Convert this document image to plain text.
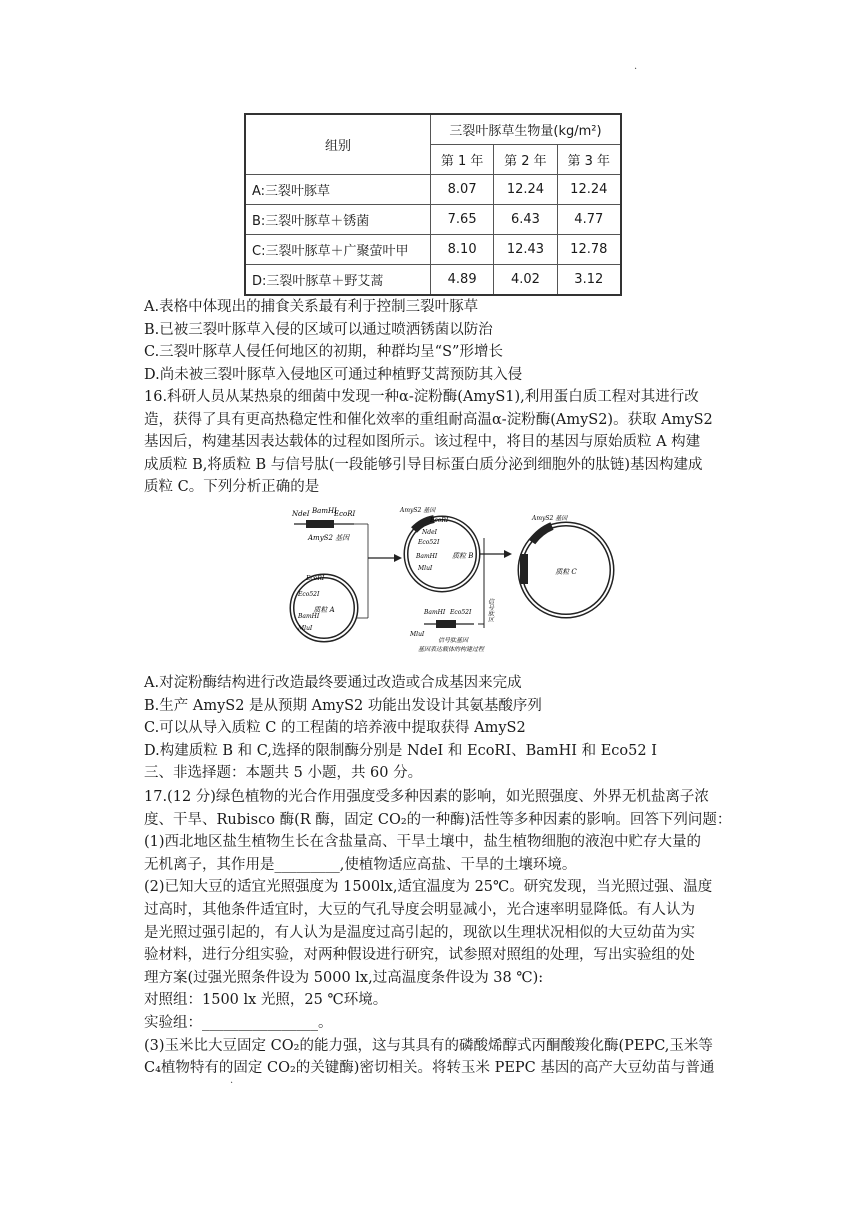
·
·
组别	三裂叶豚草生物量(kg/m²)		
	第 1 年	第 2 年	第 3 年
A:三裂叶豚草	8.07	12.24	12.24
B:三裂叶豚草＋锈菌	7.65	6.43	4.77
C:三裂叶豚草＋广聚萤叶甲	8.10	12.43	12.78
D:三裂叶豚草＋野艾蒿	4.89	4.02	3.12

A.表格中体现出的捕食关系最有利于控制三裂叶豚草

B.已被三裂叶豚草入侵的区域可以通过喷洒锈菌以防治

C.三裂叶豚草人侵任何地区的初期，种群均呈“S”形增长

D.尚未被三裂叶豚草入侵地区可通过种植野艾蒿预防其入侵

16.科研人员从某热泉的细菌中发现一种α-淀粉酶(AmyS1),利用蛋白质工程对其进行改

造，获得了具有更高热稳定性和催化效率的重组耐高温α-淀粉酶(AmyS2)。获取 AmyS2

基因后，构建基因表达载体的过程如图所示。该过程中，将目的基因与原始质粒 A 构建

成质粒 B,将质粒 B 与信号肽(一段能够引导目标蛋白质分泌到细胞外的肽链)基因构建成

质粒 C。下列分析正确的是

NdeⅠ BamHⅠ
EcoRⅠ
AmyS2 基因
质粒 A
EcoRⅠ
Eco52Ⅰ
BamHⅠ
MluⅠ
质粒 B
EcoRⅠ
NdeⅠ
Eco52Ⅰ
BamHⅠ
MluⅠ
AmyS2 基因
BamHⅠ Eco52Ⅰ
MluⅠ
信号肽基因
基因表达载体的构建过程
信号肽区
质粒 C
AmyS2 基因

A.对淀粉酶结构进行改造最终要通过改造或合成基因来完成

B.生产 AmyS2 是从预期 AmyS2 功能出发设计其氨基酸序列

C.可以从导入质粒 C 的工程菌的培养液中提取获得 AmyS2

D.构建质粒 B 和 C,选择的限制酶分别是 NdeI 和 EcoRI、BamHI 和 Eco52 I

三、非选择题：本题共 5 小题，共 60 分。

17.(12 分)绿色植物的光合作用强度受多种因素的影响，如光照强度、外界无机盐离子浓

度、干旱、Rubisco 酶(R 酶，固定 CO₂的一种酶)活性等多种因素的影响。回答下列问题：

(1)西北地区盐生植物生长在含盐量高、干旱土壤中，盐生植物细胞的液泡中贮存大量的

无机离子，其作用是_________,使植物适应高盐、干旱的土壤环境。

(2)已知大豆的适宜光照强度为 1500lx,适宜温度为 25℃。研究发现，当光照过强、温度

过高时，其他条件适宜时，大豆的气孔导度会明显减小，光合速率明显降低。有人认为

是光照过强引起的，有人认为是温度过高引起的，现欲以生理状况相似的大豆幼苗为实

验材料，进行分组实验，对两种假设进行研究，试参照对照组的处理，写出实验组的处

理方案(过强光照条件设为 5000 lx,过高温度条件设为 38 ℃):

对照组：1500 lx 光照，25 ℃环境。

实验组：________________。

(3)玉米比大豆固定 CO₂的能力强，这与其具有的磷酸烯醇式丙酮酸羧化酶(PEPC,玉米等

C₄植物特有的固定 CO₂的关键酶)密切相关。将转玉米 PEPC 基因的高产大豆幼苗与普通
